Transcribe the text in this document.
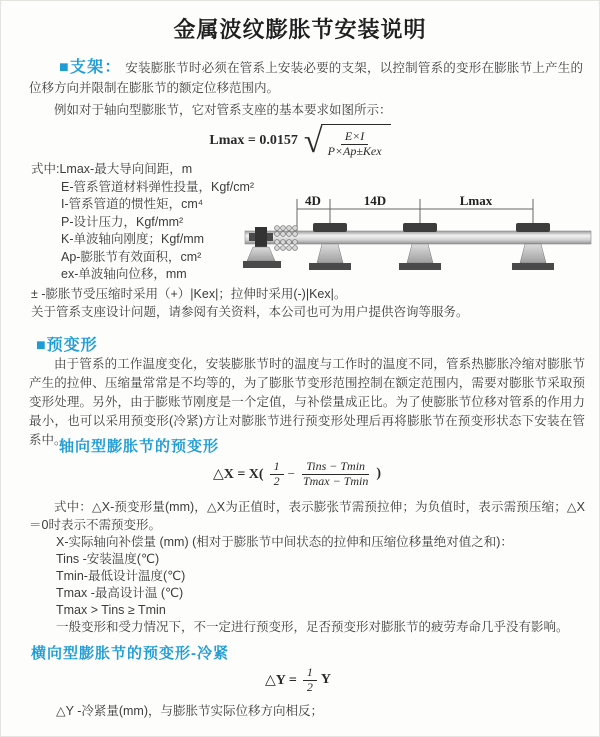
金属波纹膨胀节安装说明
■支架： 安装膨胀节时必须在管系上安装必要的支架，以控制管系的变形在膨胀节上产生的位移方向并限制在膨胀节的额定位移范围内。
例如对于轴向型膨胀节，它对管系支座的基本要求如图所示：
Lmax = 0.0157 √ $\frac{E\times I}{\text{P×Ap±Kex}}$
式中:Lmax-最大导向间距，m
E-管系管道材料弹性投量，Kgf/cm²
I-管系管道的惯性矩，cm⁴
P-设计压力，Kgf/mm²
K-单波轴向刚度；Kgf/mm
Ap-膨胀节有效面积，cm²
ex-单波轴向位移，mm
± -膨胀节受压缩时采用（+）|Kex|；拉伸时采用(-)|Kex|。
关于管系支座设计问题，请参阅有关资料，本公司也可为用户提供咨询等服务。
4D	14D	Lmax
■预变形
由于管系的工作温度变化，安装膨胀节时的温度与工作时的温度不同，管系热膨胀冷缩对膨胀节产生的拉伸、压缩量常常是不均等的，为了膨胀节变形范围控制在额定范围内，需要对膨胀节采取预变形处理。另外，由于膨账节刚度是一个定值，与补偿量成正比。为了使膨胀节位移对管系的作用力最小，也可以采用预变形(冷紧)方让对膨胀节进行预变形处理后再将膨胀节在预变形状态下安装在管系中。
轴向型膨胀节的预变形
△X = $X( \frac{1}{2} - \frac{\text{Tins − Tmin}}{Tmax - Tmin}$ )
式中：△X-预变形量(mm)，△X为正值时，表示膨张节需预拉伸；为负值时，表示需预压缩；△X＝0时表示不需预变形。
X-实际轴向补偿量 (mm) (相对于膨胀节中间状态的拉伸和压缩位移量绝对值之和)：
Tins -安装温度(℃)
Tmin-最低设计温度(℃)
Tmax -最高设计温 (℃)
Tmax > Tins ≥ Tmin
一般变形和受力情况下，不一定进行预变形，足否预变形对膨胀节的疲劳寿命几乎没有影响。
横向型膨胀节的预变形-冷紧
△Y = $\frac{1}{2}$ Y
△Y -冷紧量(mm)，与膨胀节实际位移方向相反；
